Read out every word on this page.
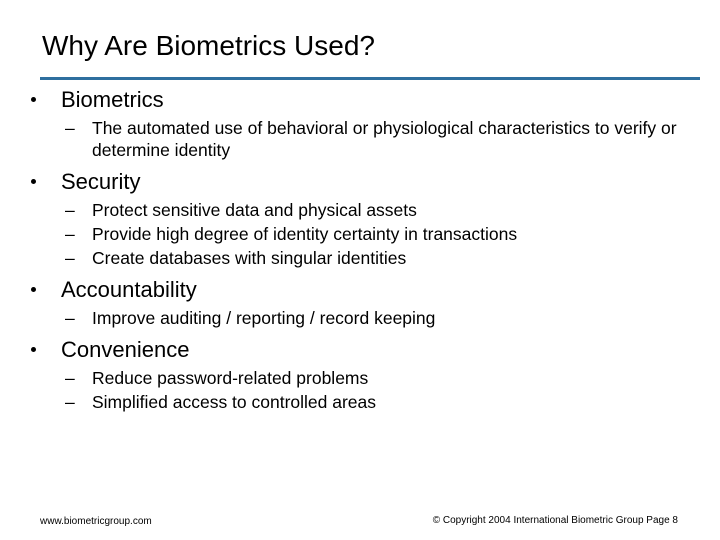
Why Are Biometrics Used?
Biometrics
– The automated use of behavioral or physiological characteristics to verify or determine identity
Security
– Protect sensitive data and physical assets
– Provide high degree of identity certainty in transactions
– Create databases with singular identities
Accountability
– Improve auditing / reporting / record keeping
Convenience
– Reduce password-related problems
– Simplified access to controlled areas
www.biometricgroup.com	© Copyright 2004 International Biometric Group Page 8
